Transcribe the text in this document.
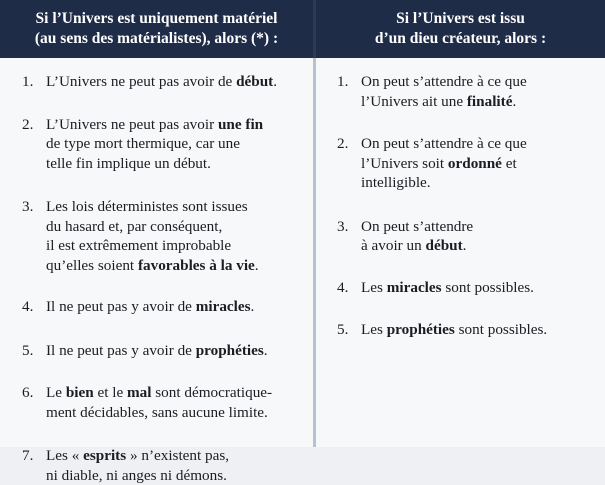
Si l’Univers est uniquement matériel
(au sens des matérialistes), alors (*) :
Si l’Univers est issu
d’un dieu créateur, alors :
1. L’Univers ne peut pas avoir de début.
2. L’Univers ne peut pas avoir une fin
de type mort thermique, car une
telle fin implique un début.
3. Les lois déterministes sont issues
du hasard et, par conséquent,
il est extrêmement improbable
qu’elles soient favorables à la vie.
4. Il ne peut pas y avoir de miracles.
5. Il ne peut pas y avoir de prophéties.
6. Le bien et le mal sont démocratique-
ment décidables, sans aucune limite.
7. Les « esprits » n’existent pas,
ni diable, ni anges ni démons.
1. On peut s’attendre à ce que
l’Univers ait une finalité.
2. On peut s’attendre à ce que
l’Univers soit ordonné et
intelligible.
3. On peut s’attendre
à avoir un début.
4. Les miracles sont possibles.
5. Les prophéties sont possibles.
